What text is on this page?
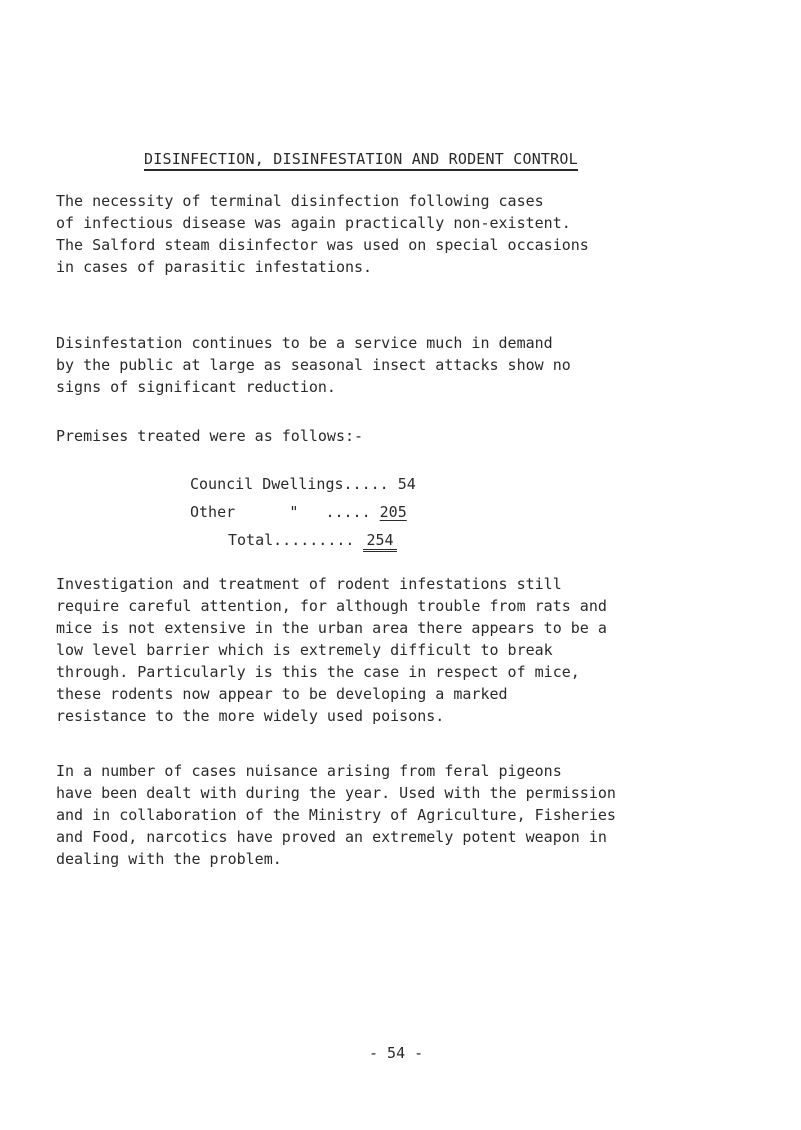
DISINFECTION, DISINFESTATION AND RODENT CONTROL

The necessity of terminal disinfection following cases
of infectious disease was again practically non-existent.
The Salford steam disinfector was used on special occasions
in cases of parasitic infestations.

Disinfestation continues to be a service much in demand
by the public at large as seasonal insect attacks show no
signs of significant reduction.

Premises treated were as follows:-
Council Dwellings..... 54
Other      "   ..... 205
Total......... 254

Investigation and treatment of rodent infestations still
require careful attention, for although trouble from rats and
mice is not extensive in the urban area there appears to be a
low level barrier which is extremely difficult to break
through. Particularly is this the case in respect of mice,
these rodents now appear to be developing a marked
resistance to the more widely used poisons.

In a number of cases nuisance arising from feral pigeons
have been dealt with during the year. Used with the permission
and in collaboration of the Ministry of Agriculture, Fisheries
and Food, narcotics have proved an extremely potent weapon in
dealing with the problem.

- 54 -
